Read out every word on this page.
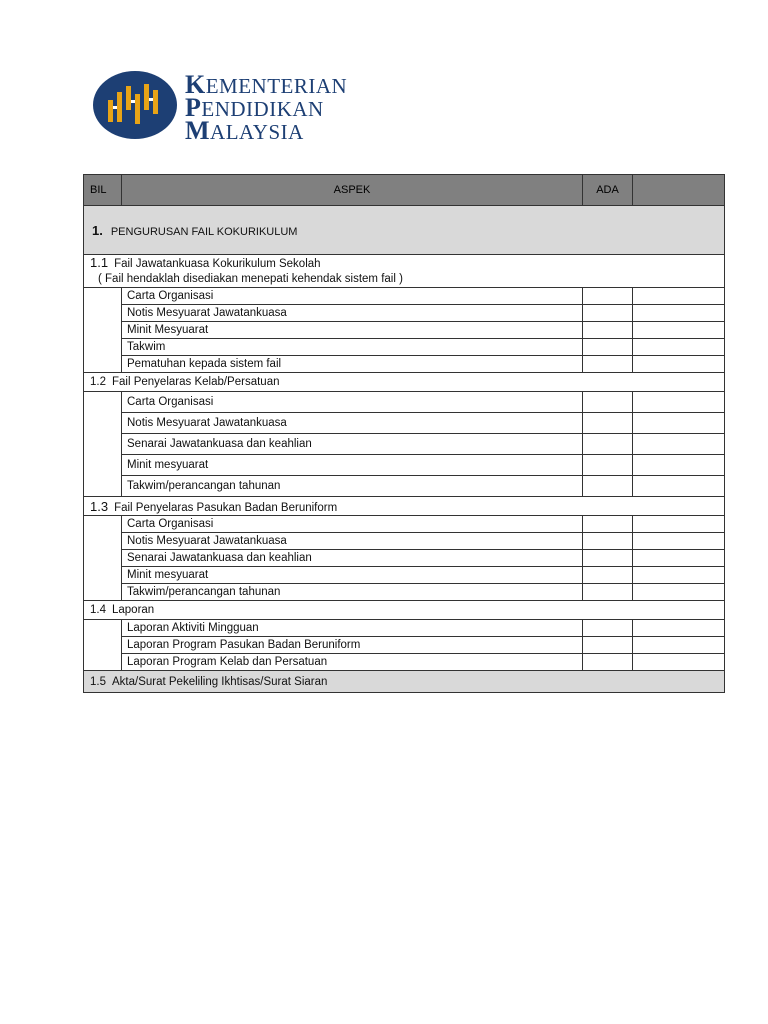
KEMENTERIAN
PENDIDIKAN
MALAYSIA
BIL	ASPEK	ADA	
1. PENGURUSAN FAIL KOKURIKULUM			
1.1 Fail Jawatankuasa Kokurikulum Sekolah
( Fail hendaklah disediakan menepati kehendak sistem fail )			

	Carta Organisasi		
	Notis Mesyuarat Jawatankuasa		
	Minit Mesyuarat		
	Takwim		
	Pematuhan kepada sistem fail		
1.2 Fail Penyelaras Kelab/Persatuan			
	Carta Organisasi		
	Notis Mesyuarat Jawatankuasa		
	Senarai Jawatankuasa dan keahlian		
	Minit mesyuarat		
	Takwim/perancangan tahunan		
1.3 Fail Penyelaras Pasukan Badan Beruniform			
	Carta Organisasi		
	Notis Mesyuarat Jawatankuasa		
	Senarai Jawatankuasa dan keahlian		
	Minit mesyuarat		
	Takwim/perancangan tahunan		
1.4 Laporan			
	Laporan Aktiviti Mingguan		
	Laporan Program Pasukan Badan Beruniform		
	Laporan Program Kelab dan Persatuan		
1.5 Akta/Surat Pekeliling Ikhtisas/Surat Siaran			
